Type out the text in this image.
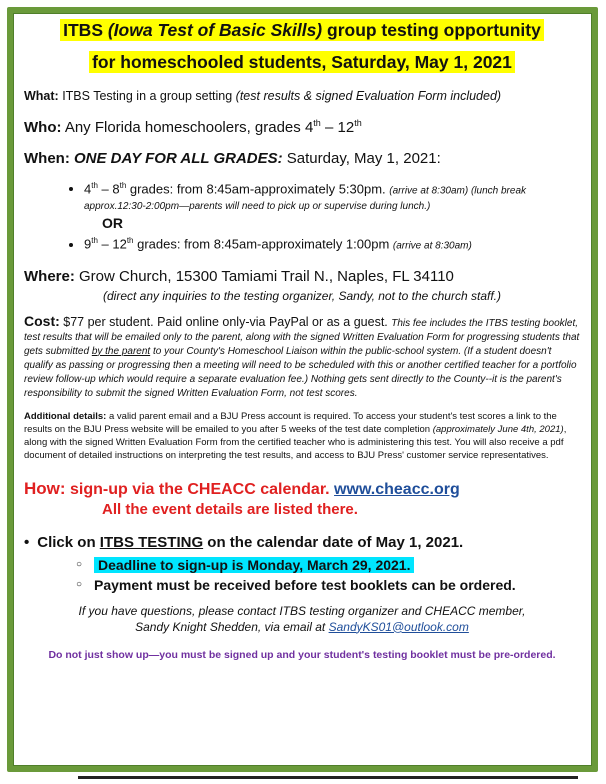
ITBS (Iowa Test of Basic Skills) group testing opportunity

for homeschooled students, Saturday, May 1, 2021

What: ITBS Testing in a group setting (test results & signed Evaluation Form included)

Who: Any Florida homeschoolers, grades 4th – 12th

When: ONE DAY FOR ALL GRADES: Saturday, May 1, 2021:

• 4th – 8th grades: from 8:45am-approximately 5:30pm. (arrive at 8:30am) (lunch break approx.12:30-2:00pm—parents will need to pick up or supervise during lunch.)
OR
• 9th – 12th grades: from 8:45am-approximately 1:00pm (arrive at 8:30am)

Where: Grow Church, 15300 Tamiami Trail N., Naples, FL 34110

(direct any inquiries to the testing organizer, Sandy, not to the church staff.)

Cost: $77 per student. Paid online only-via PayPal or as a guest. This fee includes the ITBS testing booklet, test results that will be emailed only to the parent, along with the signed Written Evaluation Form for progressing students that gets submitted by the parent to your County's Homeschool Liaison within the public-school system. (If a student doesn't qualify as passing or progressing then a meeting will need to be scheduled with this or another certified teacher for a portfolio review follow-up which would require a separate evaluation fee.) Nothing gets sent directly to the County--it is the parent's responsibility to submit the signed Written Evaluation Form, not test scores.

Additional details: a valid parent email and a BJU Press account is required. To access your student's test scores a link to the results on the BJU Press website will be emailed to you after 5 weeks of the test date completion (approximately June 4th, 2021), along with the signed Written Evaluation Form from the certified teacher who is administering this test. You will also receive a pdf document of detailed instructions on interpreting the test results, and access to BJU Press' customer service representatives.

How: sign-up via the CHEACC calendar. www.cheacc.org

All the event details are listed there.

• Click on ITBS TESTING on the calendar date of May 1, 2021.

○ Deadline to sign-up is Monday, March 29, 2021.
○ Payment must be received before test booklets can be ordered.

If you have questions, please contact ITBS testing organizer and CHEACC member,

Sandy Knight Shedden, via email at SandyKS01@outlook.com

Do not just show up—you must be signed up and your student's testing booklet must be pre-ordered.
